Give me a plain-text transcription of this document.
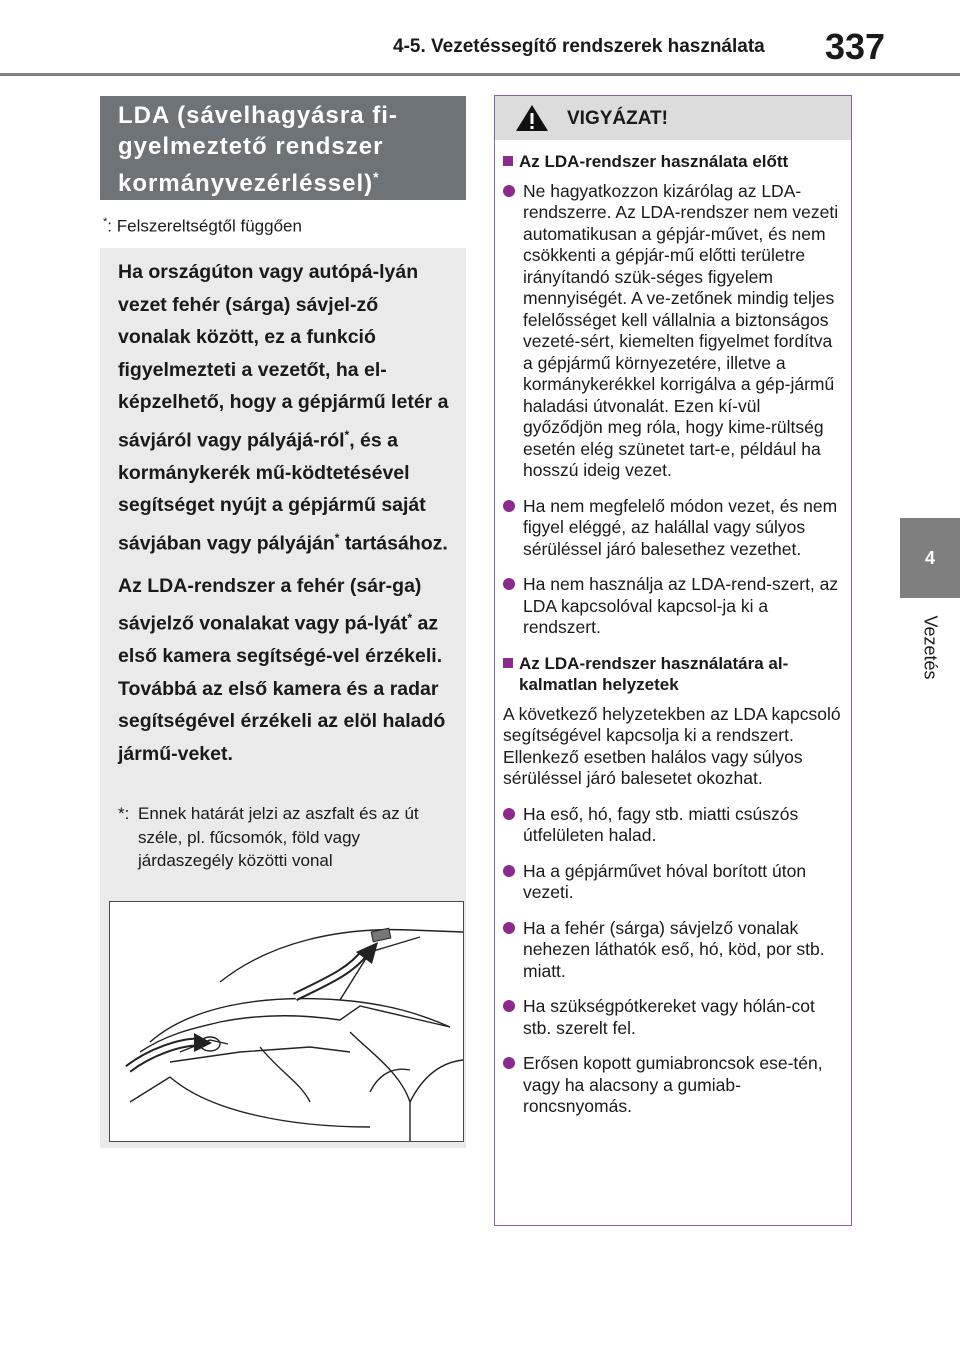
4-5. Vezetéssegítő rendszerek használata 337
4
Vezetés
LDA (sávelhagyásra fi-gyelmeztető rendszer kormányvezérléssel)*
*: Felszereltségtől függően

Ha országúton vagy autópá-lyán vezet fehér (sárga) sávjel-ző vonalak között, ez a funkció figyelmezteti a vezetőt, ha el-képzelhető, hogy a gépjármű letér a sávjáról vagy pályájá-ról*, és a kormánykerék mű-ködtetésével segítséget nyújt a gépjármű saját sávjában vagy pályáján* tartásához.

Az LDA-rendszer a fehér (sár-ga) sávjelző vonalakat vagy pá-lyát* az első kamera segítségé-vel érzékeli. Továbbá az első kamera és a radar segítségével érzékeli az elöl haladó jármű-veket.

*: Ennek határát jelzi az aszfalt és az út széle, pl. fűcsomók, föld vagy járdaszegély közötti vonal
VIGYÁZAT!
Az LDA-rendszer használata előtt
Ne hagyatkozzon kizárólag az LDA-rendszerre. Az LDA-rendszer nem vezeti automatikusan a gépjár-művet, és nem csökkenti a gépjár-mű előtti területre irányítandó szük-séges figyelem mennyiségét. A ve-zetőnek mindig teljes felelősséget kell vállalnia a biztonságos vezeté-sért, kiemelten figyelmet fordítva a gépjármű környezetére, illetve a kormánykerékkel korrigálva a gép-jármű haladási útvonalát. Ezen kí-vül győződjön meg róla, hogy kime-rültség esetén elég szünetet tart-e, például ha hosszú ideig vezet.
Ha nem megfelelő módon vezet, és nem figyel eléggé, az halállal vagy súlyos sérüléssel járó balesethez vezethet.
Ha nem használja az LDA-rend-szert, az LDA kapcsolóval kapcsol-ja ki a rendszert.
Az LDA-rendszer használatára al-kalmatlan helyzetek

A következő helyzetekben az LDA kapcsoló segítségével kapcsolja ki a rendszert. Ellenkező esetben halálos vagy súlyos sérüléssel járó balesetet okozhat.

Ha eső, hó, fagy stb. miatti csúszós útfelületen halad.
Ha a gépjárművet hóval borított úton vezeti.
Ha a fehér (sárga) sávjelző vonalak nehezen láthatók eső, hó, köd, por stb. miatt.
Ha szükségpótkereket vagy hólán-cot stb. szerelt fel.
Erősen kopott gumiabroncsok ese-tén, vagy ha alacsony a gumiab-roncsnyomás.
